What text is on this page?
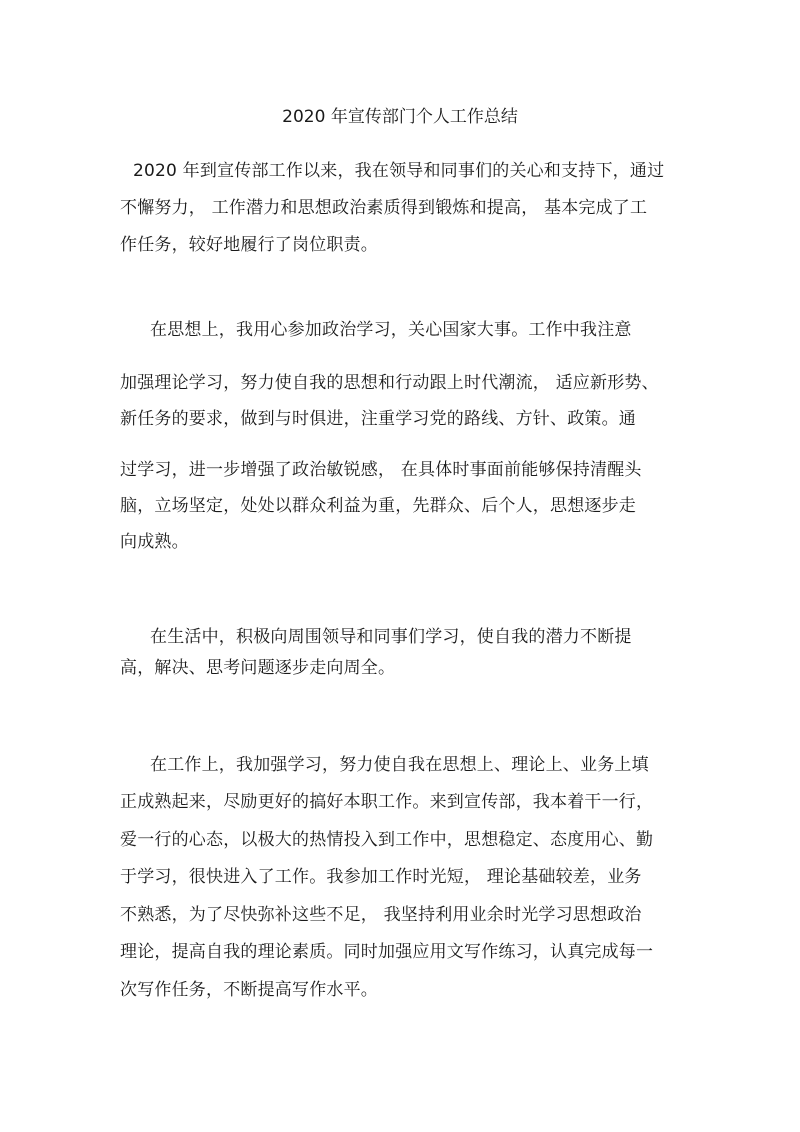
2020 年宣传部门个人工作总结
2020 年到宣传部工作以来，我在领导和同事们的关心和支持下，通过
不懈努力， 工作潜力和思想政治素质得到锻炼和提高， 基本完成了工
作任务，较好地履行了岗位职责。
在思想上，我用心参加政治学习，关心国家大事。工作中我注意
加强理论学习，努力使自我的思想和行动跟上时代潮流， 适应新形势、
新任务的要求，做到与时俱进，注重学习党的路线、方针、政策。通
过学习，进一步增强了政治敏锐感， 在具体时事面前能够保持清醒头
脑，立场坚定，处处以群众利益为重，先群众、后个人，思想逐步走
向成熟。
在生活中，积极向周围领导和同事们学习，使自我的潜力不断提
高，解决、思考问题逐步走向周全。
在工作上，我加强学习，努力使自我在思想上、理论上、业务上填
正成熟起来，尽励更好的搞好本职工作。来到宣传部，我本着干一行，
爱一行的心态，以极大的热情投入到工作中，思想稳定、态度用心、勤
于学习，很快进入了工作。我参加工作时光短， 理论基础较差，业务
不熟悉，为了尽快弥补这些不足， 我坚持利用业余时光学习思想政治
理论，提高自我的理论素质。同时加强应用文写作练习，认真完成每一
次写作任务，不断提高写作水平。
